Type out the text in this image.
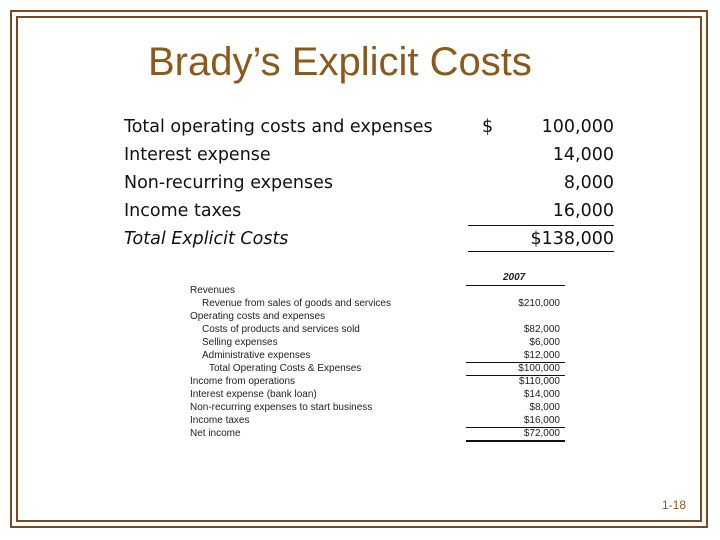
Brady’s Explicit Costs
Total operating costs and expenses	$	100,000
Interest expense	14,000
Non-recurring expenses	8,000
Income taxes	16,000
Total Explicit Costs	$138,000
2007
Revenues
Revenue from sales of goods and services	$210,000
Operating costs and expenses
Costs of products and services sold	$82,000
Selling expenses	$6,000
Administrative expenses	$12,000
Total Operating Costs & Expenses	$100,000
Income from operations	$110,000
Interest expense (bank loan)	$14,000
Non-recurring expenses to start business	$8,000
Income taxes	$16,000
Net income	$72,000
1-18
